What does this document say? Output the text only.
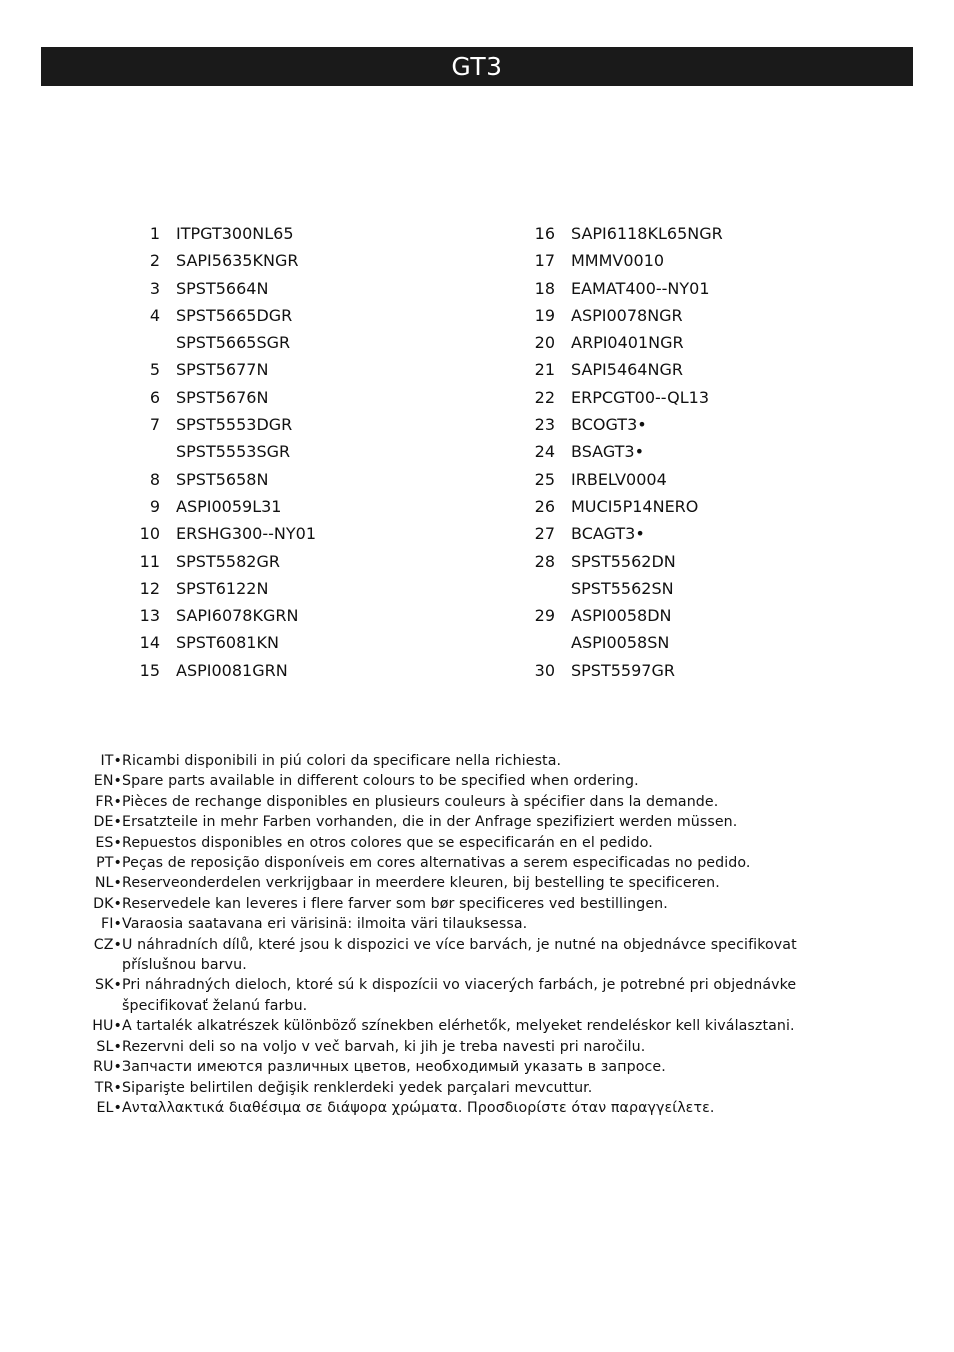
GT3
1	ITPGT300NL65
2	SAPI5635KNGR
3	SPST5664N
4	SPST5665DGR
SPST5665SGR
5	SPST5677N
6	SPST5676N
7	SPST5553DGR
SPST5553SGR
8	SPST5658N
9	ASPI0059L31
10	ERSHG300--NY01
11	SPST5582GR
12	SPST6122N
13	SAPI6078KGRN
14	SPST6081KN
15	ASPI0081GRN
16	SAPI6118KL65NGR
17	MMMV0010
18	EAMAT400--NY01
19	ASPI0078NGR
20	ARPI0401NGR
21	SAPI5464NGR
22	ERPCGT00--QL13
23	BCOGT3•
24	BSAGT3•
25	IRBELV0004
26	MUCI5P14NERO
27	BCAGT3•
28	SPST5562DN
SPST5562SN
29	ASPI0058DN
ASPI0058SN
30	SPST5597GR
IT• Ricambi disponibili in piú colori da specificare nella richiesta.
EN• Spare parts available in different colours to be specified when ordering.
FR• Pièces de rechange disponibles en plusieurs couleurs à spécifier dans la demande.
DE• Ersatzteile in mehr Farben vorhanden, die in der Anfrage spezifiziert werden müssen.
ES• Repuestos disponibles en otros colores que se especificarán en el pedido.
PT• Peças de reposição disponíveis em cores alternativas a serem especificadas no pedido.
NL• Reserveonderdelen verkrijgbaar in meerdere kleuren, bij bestelling te specificeren.
DK• Reservedele kan leveres i flere farver som bør specificeres ved bestillingen.
FI• Varaosia saatavana eri värisinä: ilmoita väri tilauksessa.
CZ• U náhradních dílů, které jsou k dispozici ve více barvách, je nutné na objednávce specifikovat příslušnou barvu.
SK• Pri náhradných dieloch, ktoré sú k dispozícii vo viacerých farbách, je potrebné pri objednávke špecifikovať želanú farbu.
HU• A tartalék alkatrészek különböző színekben elérhetők, melyeket rendeléskor kell kiválasztani.
SL• Rezervni deli so na voljo v več barvah, ki jih je treba navesti pri naročilu.
RU• Запчасти имеются различных цветов, необходимый указать в запросе.
TR• Siparişte belirtilen değişik renklerdeki yedek parçalari mevcuttur.
EL• Ανταλλακτικά διαθέσιμα σε διάψορα χρώματα. Προσδιορίστε όταν παραγγείλετε.
